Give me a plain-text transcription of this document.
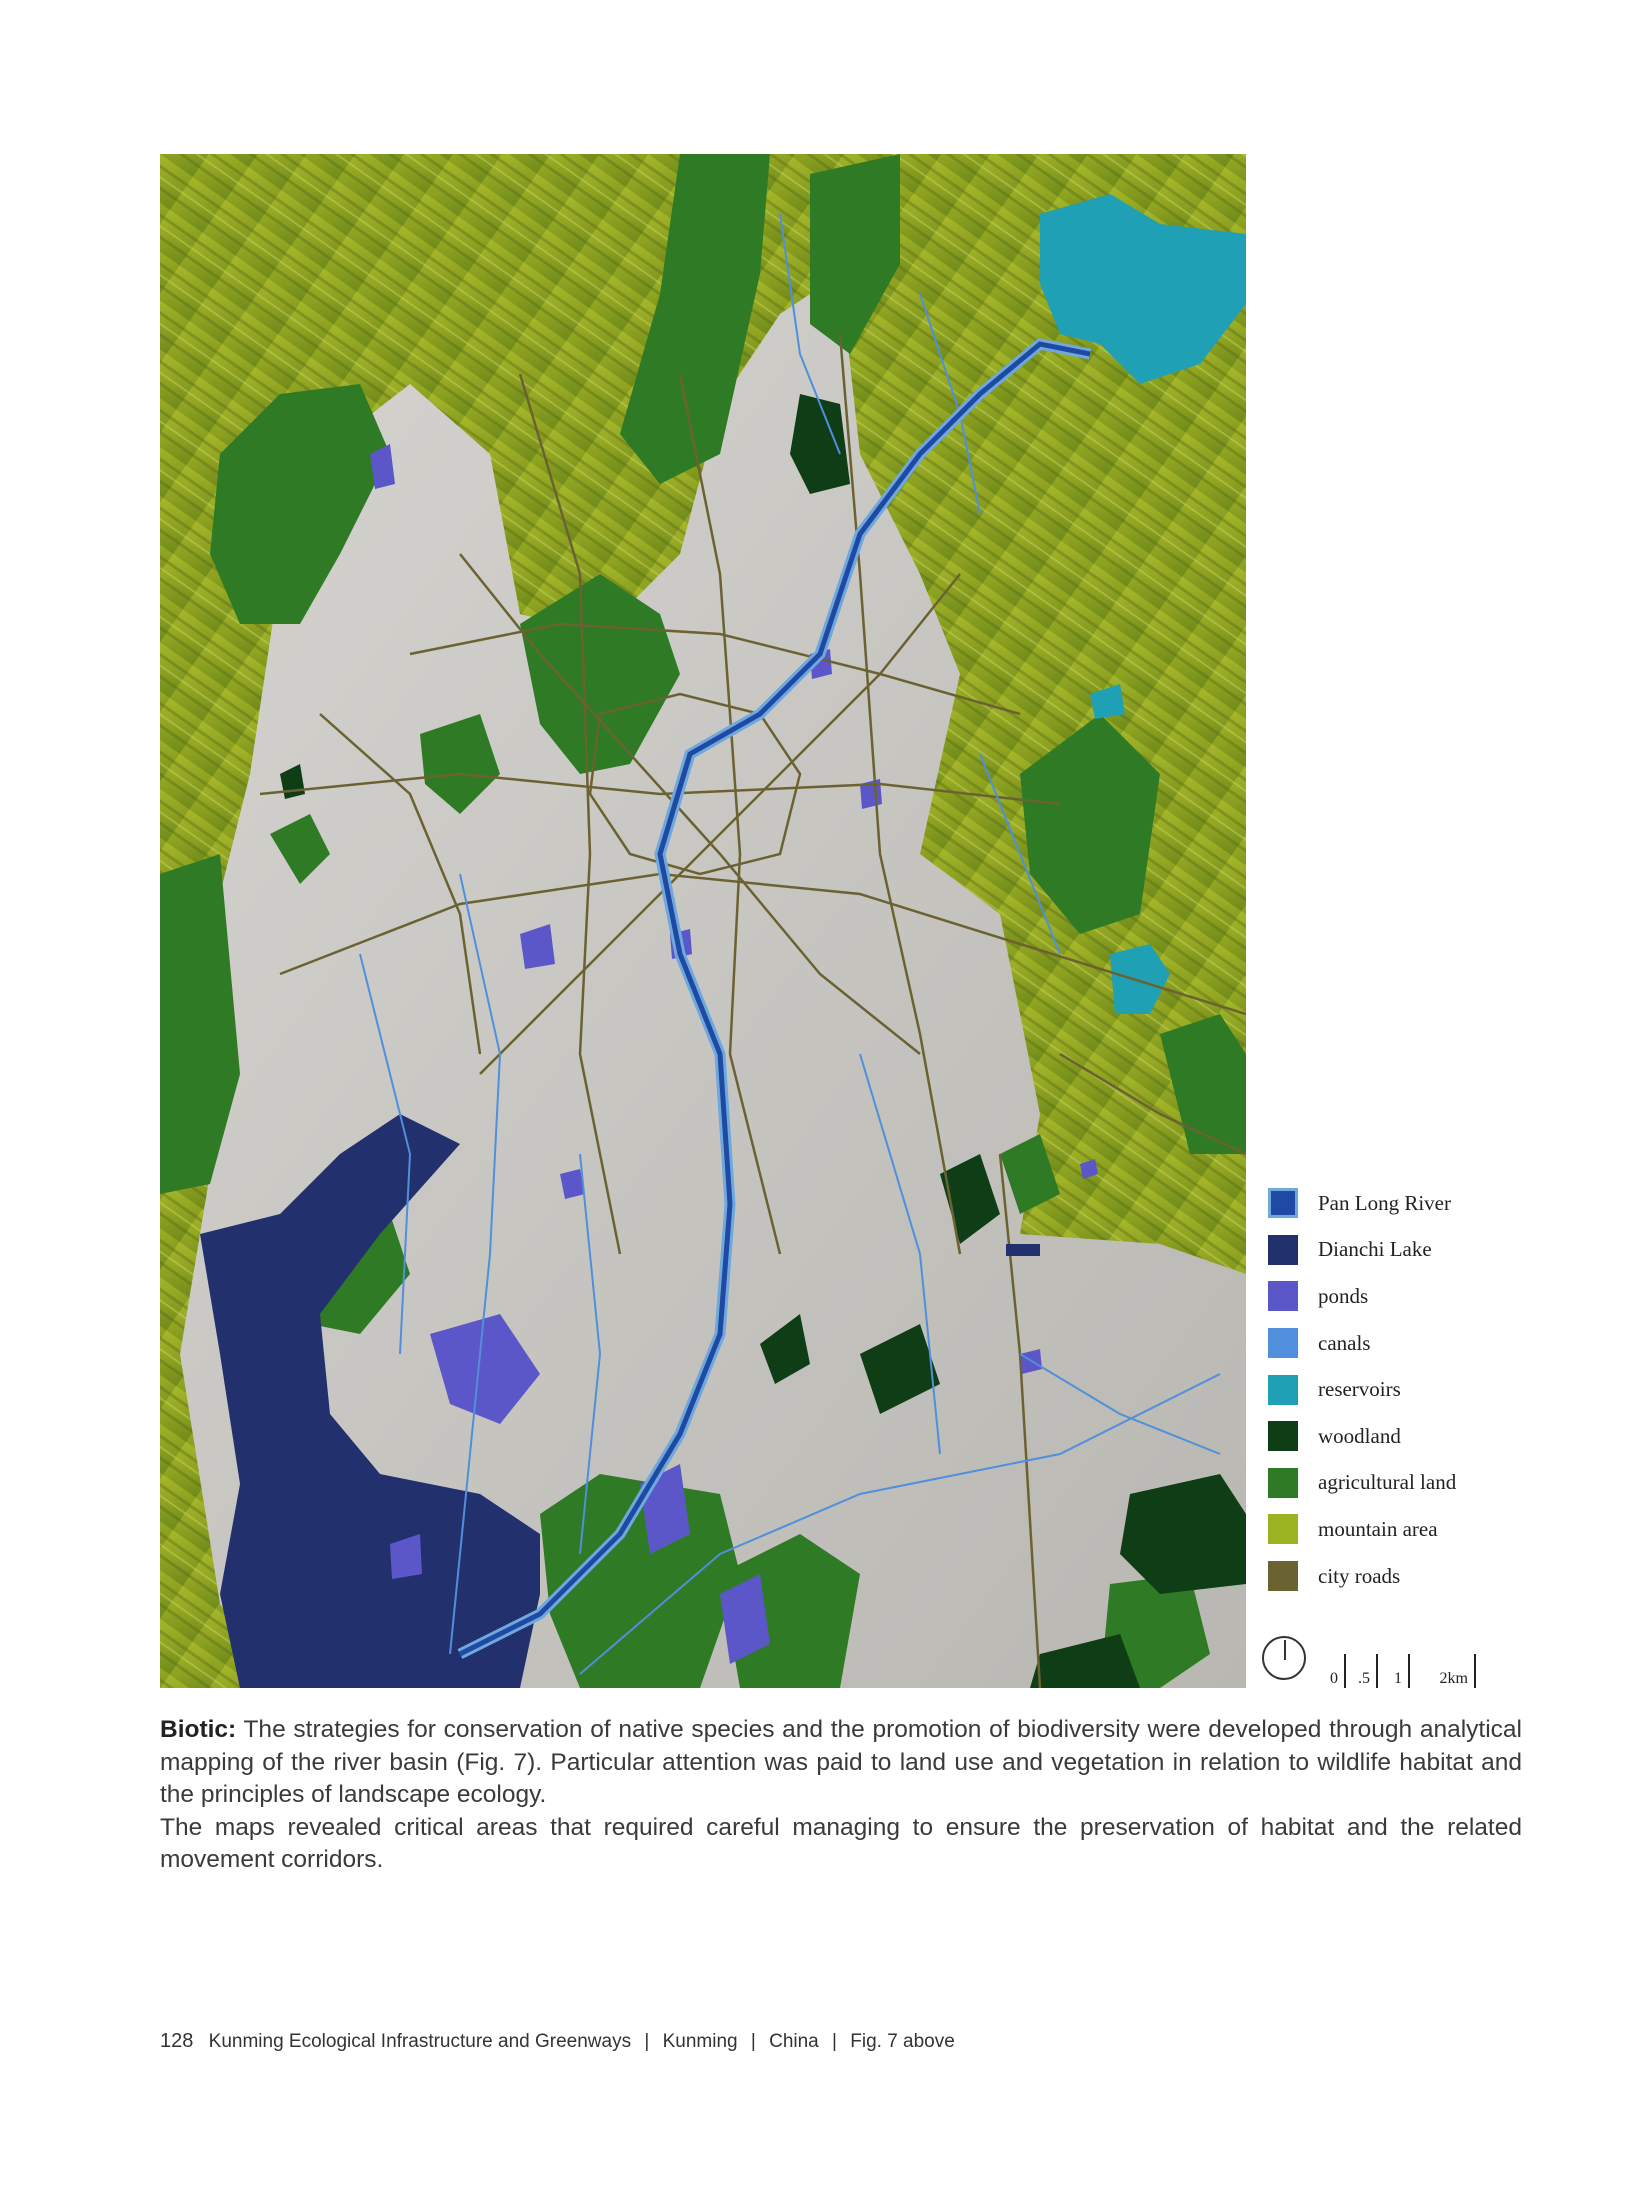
Pan Long River
Dianchi Lake
ponds
canals
reservoirs
woodland
agricultural land
mountain area
city roads
0 .5 1 2km

Biotic: The strategies for conservation of native species and the promotion of biodiversity were developed through analytical mapping of the river basin (Fig. 7). Particular attention was paid to land use and vegetation in relation to wildlife habitat and the principles of landscape ecology.

The maps revealed critical areas that required careful managing to ensure the preservation of habitat and the related movement corridors.

128 Kunming Ecological Infrastructure and Greenways | Kunming | China | Fig. 7 above
